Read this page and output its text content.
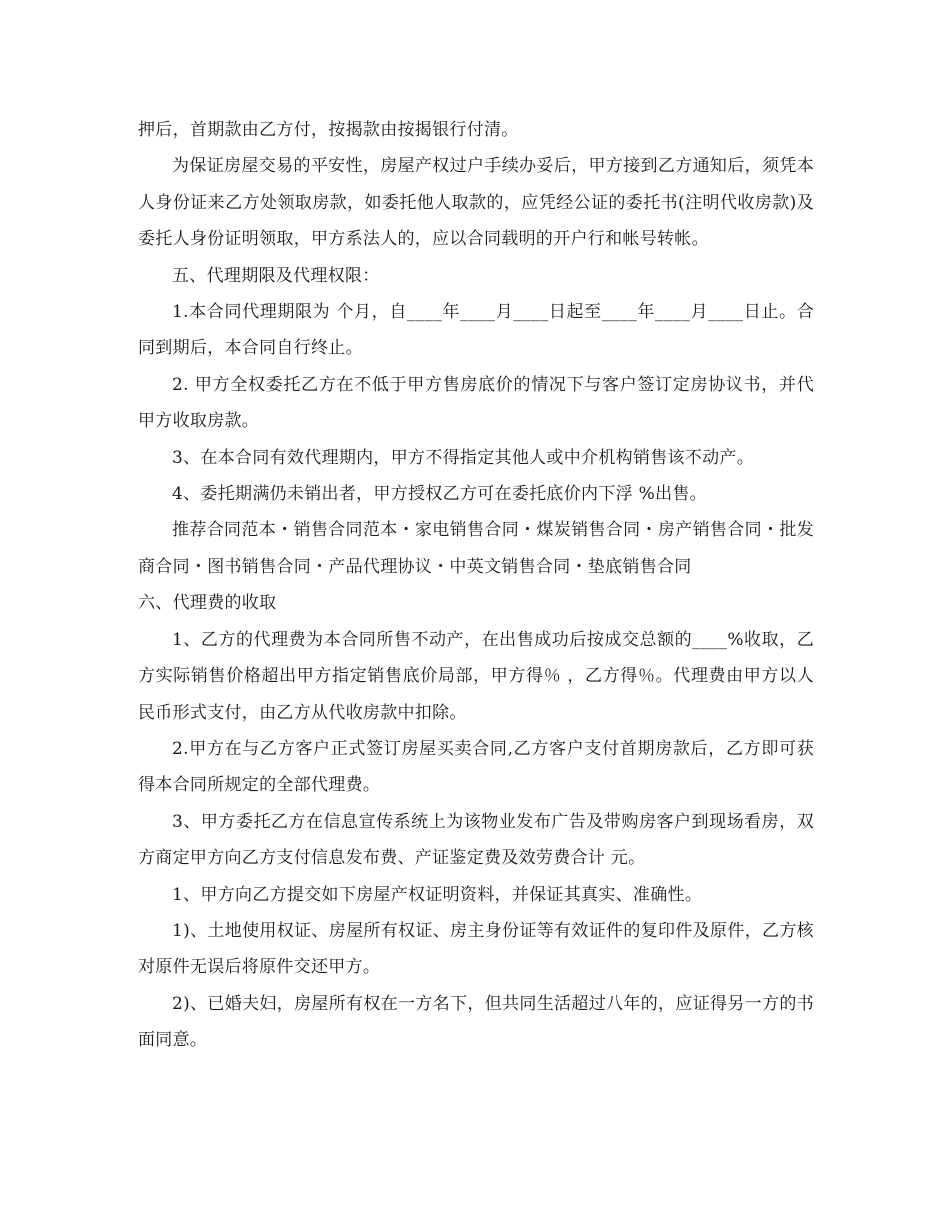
押后，首期款由乙方付，按揭款由按揭银行付清。

为保证房屋交易的平安性，房屋产权过户手续办妥后，甲方接到乙方通知后，须凭本人身份证来乙方处领取房款，如委托他人取款的，应凭经公证的委托书(注明代收房款)及委托人身份证明领取，甲方系法人的，应以合同载明的开户行和帐号转帐。

五、代理期限及代理权限：

1.本合同代理期限为 个月，自____年____月____日起至____年____月____日止。合同到期后，本合同自行终止。

2. 甲方全权委托乙方在不低于甲方售房底价的情况下与客户签订定房协议书，并代甲方收取房款。

3、在本合同有效代理期内，甲方不得指定其他人或中介机构销售该不动产。

4、委托期满仍未销出者，甲方授权乙方可在委托底价内下浮 %出售。

推荐合同范本・销售合同范本・家电销售合同・煤炭销售合同・房产销售合同・批发商合同・图书销售合同・产品代理协议・中英文销售合同・垫底销售合同

六、代理费的收取

1、乙方的代理费为本合同所售不动产，在出售成功后按成交总额的____%收取，乙方实际销售价格超出甲方指定销售底价局部，甲方得％ ，乙方得％。代理费由甲方以人民币形式支付，由乙方从代收房款中扣除。

2.甲方在与乙方客户正式签订房屋买卖合同,乙方客户支付首期房款后，乙方即可获得本合同所规定的全部代理费。

3、甲方委托乙方在信息宣传系统上为该物业发布广告及带购房客户到现场看房，双方商定甲方向乙方支付信息发布费、产证鉴定费及效劳费合计 元。

1、甲方向乙方提交如下房屋产权证明资料，并保证其真实、准确性。

1)、土地使用权证、房屋所有权证、房主身份证等有效证件的复印件及原件，乙方核对原件无误后将原件交还甲方。

2)、已婚夫妇，房屋所有权在一方名下，但共同生活超过八年的，应证得另一方的书面同意。
